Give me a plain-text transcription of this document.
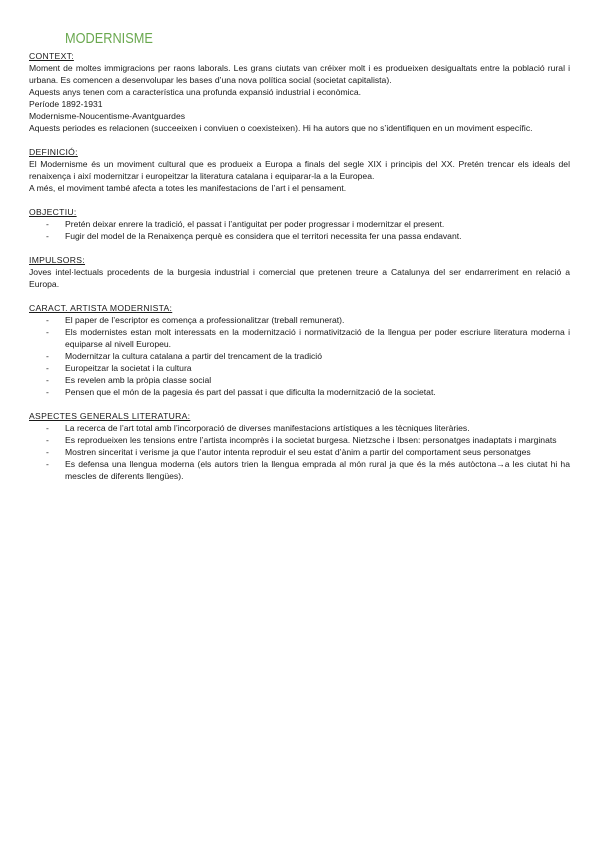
MODERNISME
CONTEXT:
Moment de moltes immigracions per raons laborals. Les grans ciutats van créixer molt i es produeixen desigualtats entre la població rural i urbana. Es comencen a desenvolupar les bases d’una nova política social (societat capitalista).
Aquests anys tenen com a característica una profunda expansió industrial i econòmica.
Període 1892-1931
Modernisme-Noucentisme-Avantguardes
Aquests periodes es relacionen (succeeixen i conviuen o coexisteixen). Hi ha autors que no s’identifiquen en un moviment específic.
DEFINICIÓ:
El Modernisme és un moviment cultural que es produeix a Europa a finals del segle XIX i principis del XX. Pretén trencar els ideals del renaixença i així modernitzar i europeitzar la literatura catalana i equiparar-la a la Europea.
A més, el moviment també afecta a totes les manifestacions de l’art i el pensament.
OBJECTIU:
- Pretén deixar enrere la tradició, el passat i l’antiguitat per poder progressar i modernitzar el present.
- Fugir del model de la Renaixença perquè es considera que el territori necessita fer una passa endavant.
IMPULSORS:
Joves intel·lectuals procedents de la burgesia industrial i comercial que pretenen treure a Catalunya del ser endarreriment en relació a Europa.
CARACT. ARTISTA MODERNISTA:
- El paper de l’escriptor es comença a professionalitzar (treball remunerat).
- Els modernistes estan molt interessats en la modernització i normativització de la llengua per poder escriure literatura moderna i equiparse al nivell Europeu.
- Modernitzar la cultura catalana a partir del trencament de la tradició
- Europeitzar la societat i la cultura
- Es revelen amb la pròpia classe social
- Pensen que el món de la pagesia és part del passat i que dificulta la modernització de la societat.
ASPECTES GENERALS LITERATURA:
- La recerca de l’art total amb l’incorporació de diverses manifestacions artístiques a les tècniques literàries.
- Es reprodueixen les tensions entre l’artista incomprès i la societat burgesa. Nietzsche i Ibsen: personatges inadaptats i marginats
- Mostren sinceritat i verisme ja que l’autor intenta reproduir el seu estat d’ànim a partir del comportament seus personatges
- Es defensa una llengua moderna (els autors trien la llengua emprada al món rural ja que és la més autòctona→a les ciutat hi ha mescles de diferents llengües).
